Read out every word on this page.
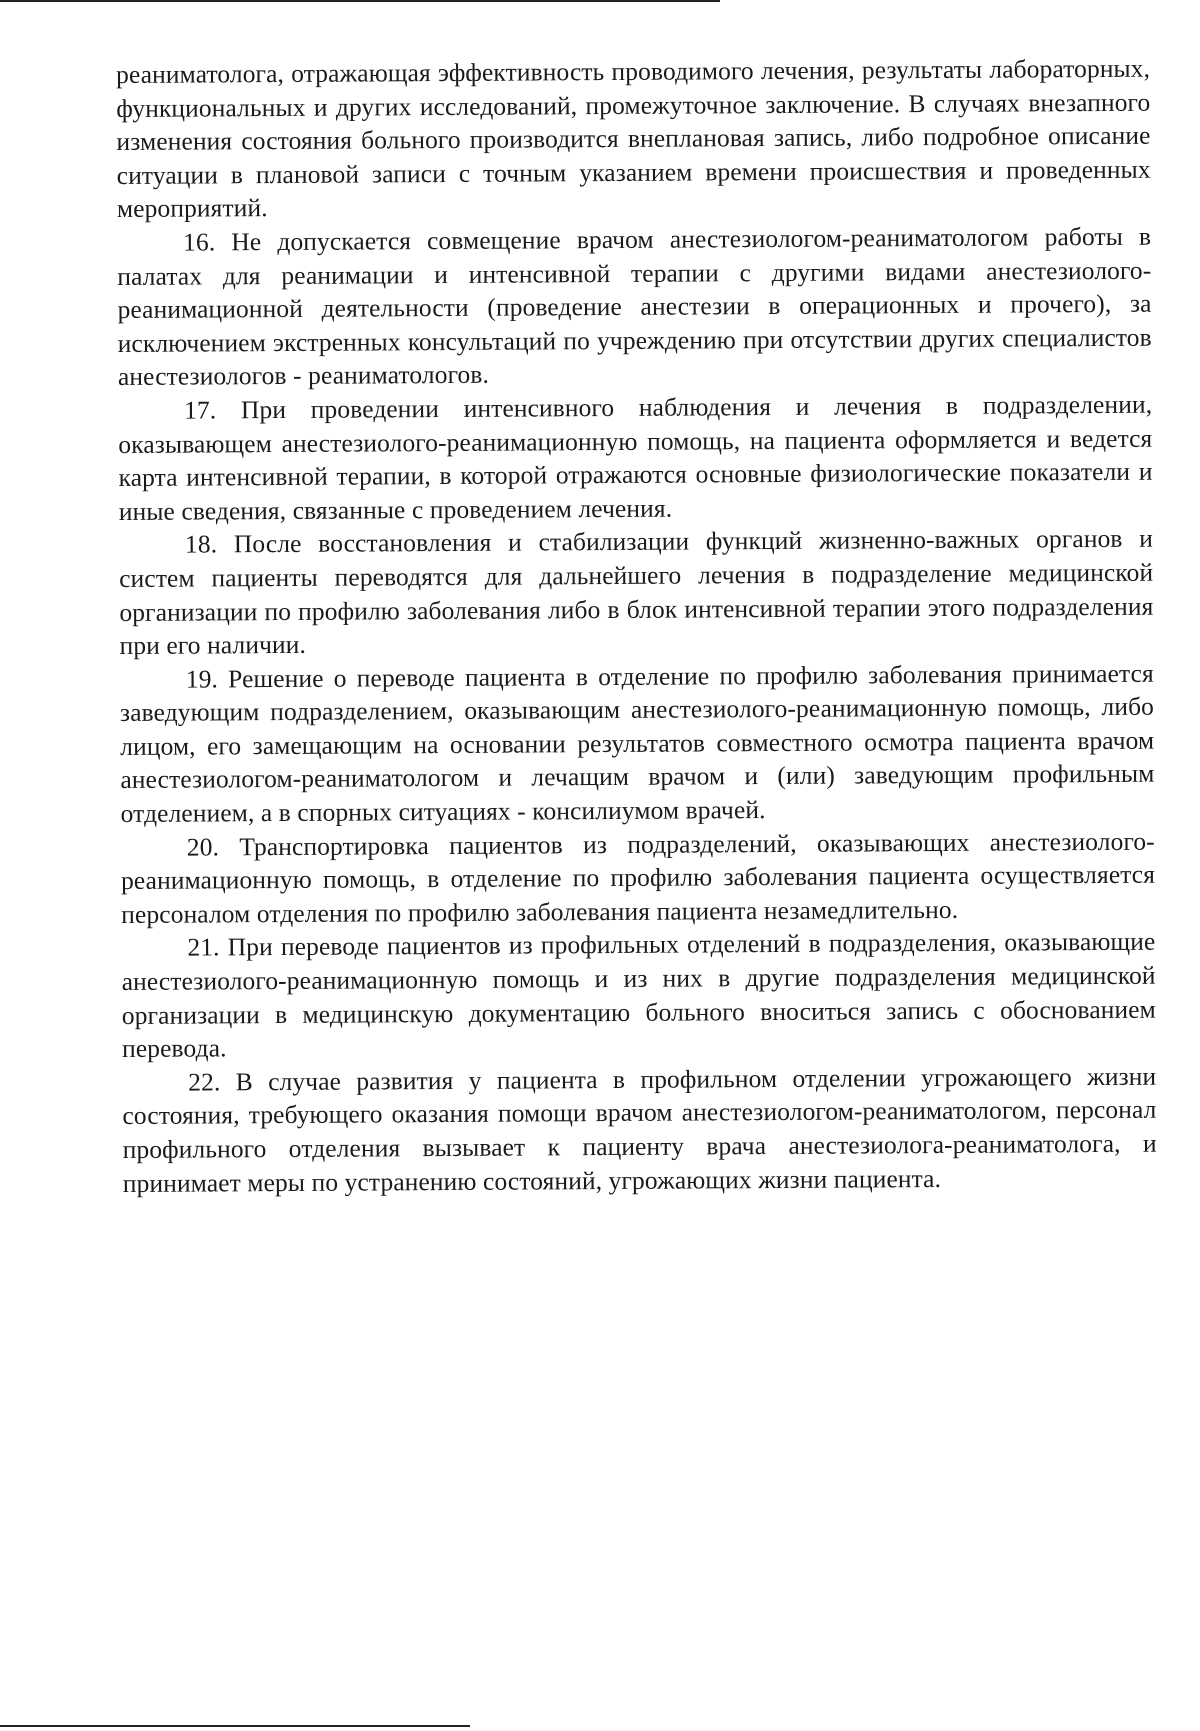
реаниматолога, отражающая эффективность проводимого лечения, результаты лабораторных, функциональных и других исследований, промежуточное заключение. В случаях внезапного изменения состояния больного производится внеплановая запись, либо подробное описание ситуации в плановой записи с точным указанием времени происшествия и проведенных мероприятий.

16. Не допускается совмещение врачом анестезиологом-реаниматологом работы в палатах для реанимации и интенсивной терапии с другими видами анестезиолого-реанимационной деятельности (проведение анестезии в операционных и прочего), за исключением экстренных консультаций по учреждению при отсутствии других специалистов анестезиологов - реаниматологов.

17. При проведении интенсивного наблюдения и лечения в подразделении, оказывающем анестезиолого-реанимационную помощь, на пациента оформляется и ведется карта интенсивной терапии, в которой отражаются основные физиологические показатели и иные сведения, связанные с проведением лечения.

18. После восстановления и стабилизации функций жизненно-важных органов и систем пациенты переводятся для дальнейшего лечения в подразделение медицинской организации по профилю заболевания либо в блок интенсивной терапии этого подразделения при его наличии.

19. Решение о переводе пациента в отделение по профилю заболевания принимается заведующим подразделением, оказывающим анестезиолого-реанимационную помощь, либо лицом, его замещающим на основании результатов совместного осмотра пациента врачом анестезиологом-реаниматологом и лечащим врачом и (или) заведующим профильным отделением, а в спорных ситуациях - консилиумом врачей.

20. Транспортировка пациентов из подразделений, оказывающих анестезиолого-реанимационную помощь, в отделение по профилю заболевания пациента осуществляется персоналом отделения по профилю заболевания пациента незамедлительно.

21. При переводе пациентов из профильных отделений в подразделения, оказывающие анестезиолого-реанимационную помощь и из них в другие подразделения медицинской организации в медицинскую документацию больного вноситься запись с обоснованием перевода.

22. В случае развития у пациента в профильном отделении угрожающего жизни состояния, требующего оказания помощи врачом анестезиологом-реаниматологом, персонал профильного отделения вызывает к пациенту врача анестезиолога-реаниматолога, и принимает меры по устранению состояний, угрожающих жизни пациента.
